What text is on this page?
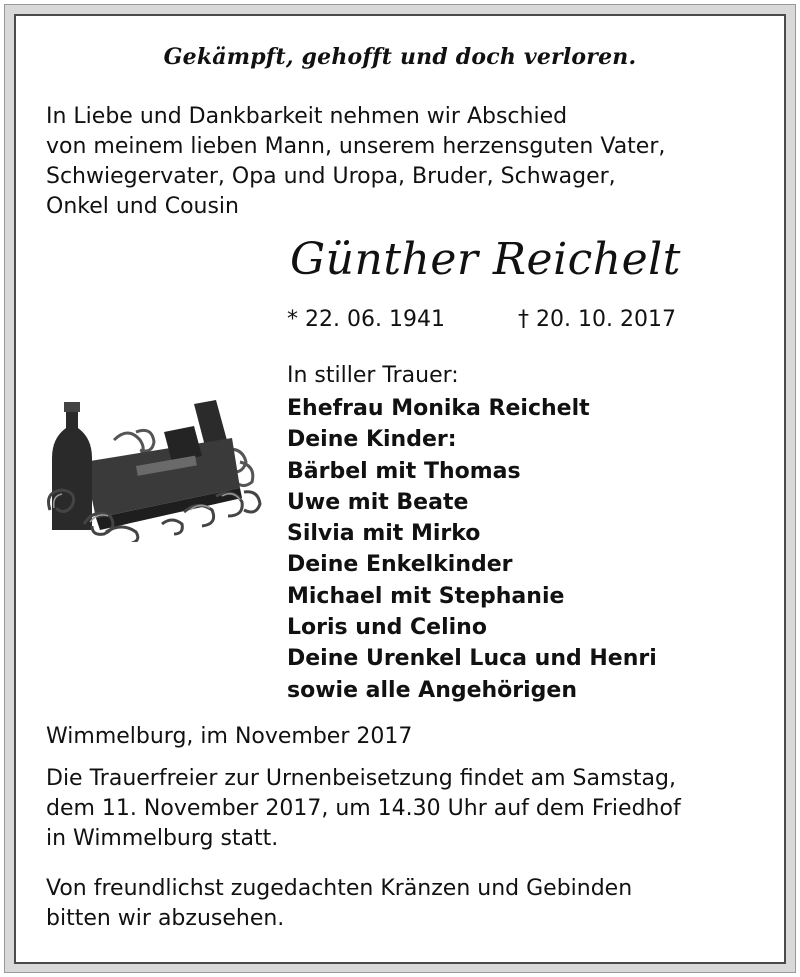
Gekämpft, gehofft und doch verloren.
In Liebe und Dankbarkeit nehmen wir Abschied
von meinem lieben Mann, unserem herzensguten Vater,
Schwiegervater, Opa und Uropa, Bruder, Schwager,
Onkel und Cousin
Günther Reichelt
* 22. 06. 1941	† 20. 10. 2017
In stiller Trauer:
Ehefrau Monika Reichelt
Deine Kinder:
Bärbel mit Thomas
Uwe mit Beate
Silvia mit Mirko
Deine Enkelkinder
Michael mit Stephanie
Loris und Celino
Deine Urenkel Luca und Henri
sowie alle Angehörigen
Wimmelburg, im November 2017
Die Trauerfreier zur Urnenbeisetzung findet am Samstag,
dem 11. November 2017, um 14.30 Uhr auf dem Friedhof
in Wimmelburg statt.
Von freundlichst zugedachten Kränzen und Gebinden
bitten wir abzusehen.
